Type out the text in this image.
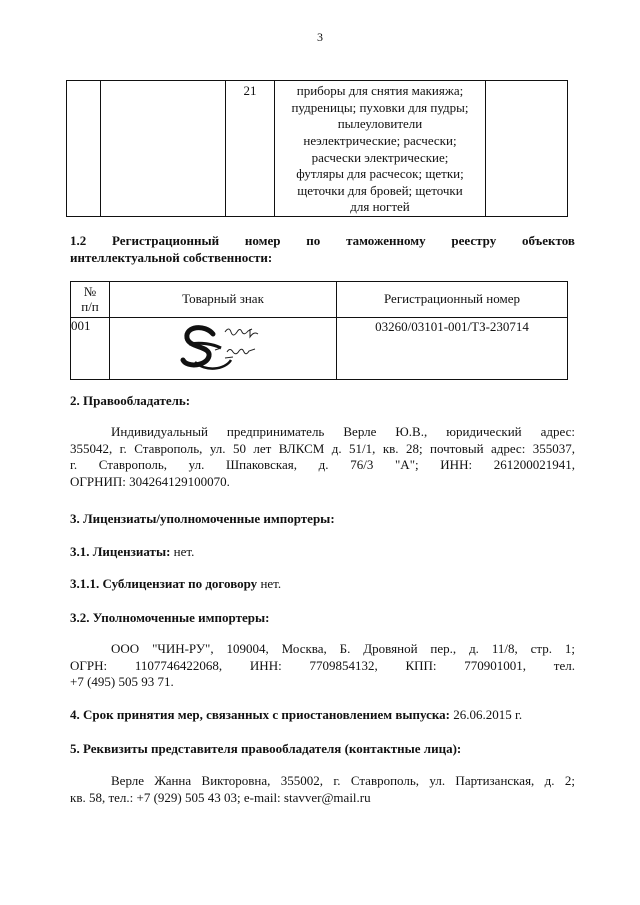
3
		21	приборы для снятия макияжа;
пудреницы; пуховки для пудры;
пылеуловители
неэлектрические; расчески;
расчески электрические;
футляры для расчесок; щетки;
щеточки для бровей; щеточки
для ногтей

1.2 Регистрационный номер по таможенному реестру объектов
интеллектуальной собственности:
№
п/п	Товарный знак	Регистрационный номер
001		03260/03101-001/ТЗ-230714
2. Правообладатель:
Индивидуальный предприниматель Верле Ю.В., юридический адрес:
355042, г. Ставрополь, ул. 50 лет ВЛКСМ д. 51/1, кв. 28; почтовый адрес: 355037,
г. Ставрополь, ул. Шпаковская, д. 76/3 "А"; ИНН: 261200021941,
ОГРНИП: 304264129100070.
3. Лицензиаты/уполномоченные импортеры:
3.1. Лицензиаты: нет.
3.1.1. Сублицензиат по договору нет.
3.2. Уполномоченные импортеры:
ООО "ЧИН-РУ", 109004, Москва, Б. Дровяной пер., д. 11/8, стр. 1;
ОГРН: 1107746422068, ИНН: 7709854132, КПП: 770901001, тел.
+7 (495) 505 93 71.
4. Срок принятия мер, связанных с приостановлением выпуска: 26.06.2015 г.
5. Реквизиты представителя правообладателя (контактные лица):
Верле Жанна Викторовна, 355002, г. Ставрополь, ул. Партизанская, д. 2;
кв. 58, тел.: +7 (929) 505 43 03; e-mail: stavver@mail.ru
